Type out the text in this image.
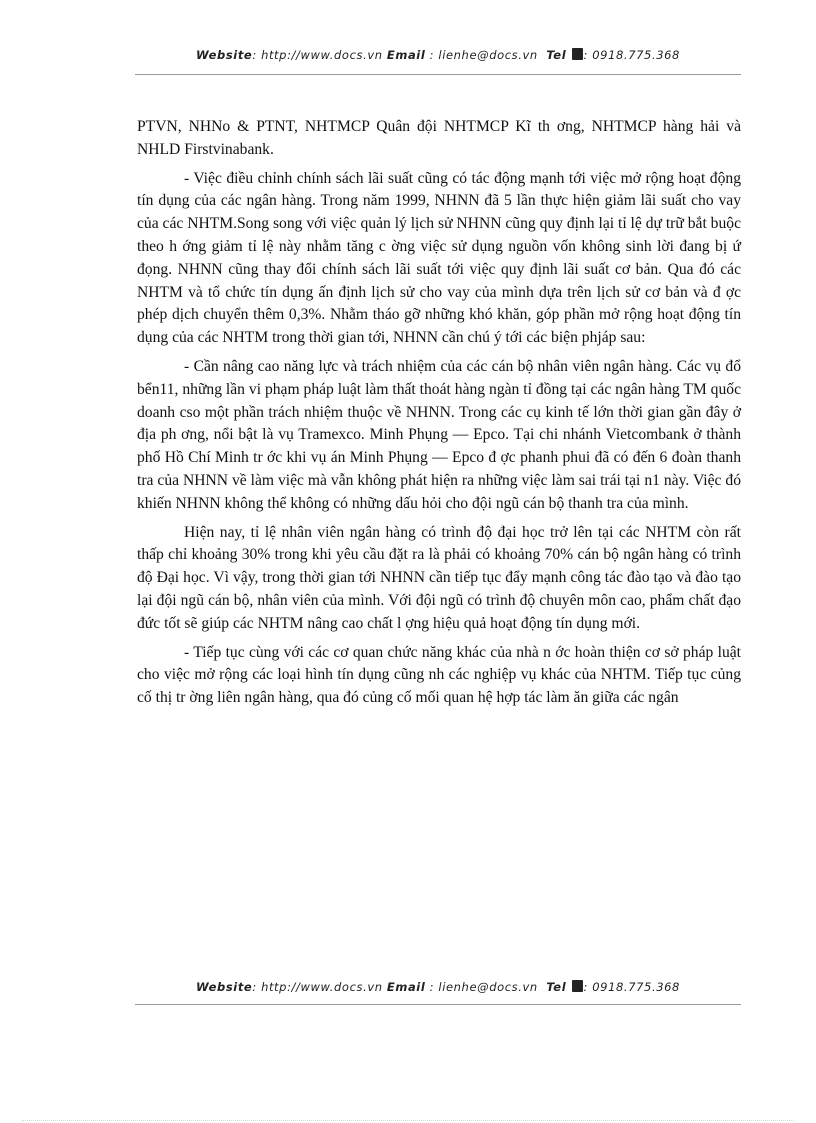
Website: http://www.docs.vn Email : lienhe@docs.vn Tel : 0918.775.368

PTVN, NHNo & PTNT, NHTMCP Quân đội NHTMCP Kĩ th ơng, NHTMCP hàng hải và NHLD Firstvinabank.

- Việc điều chỉnh chính sách lãi suất cũng có tác động mạnh tới việc mở rộng hoạt động tín dụng của các ngân hàng. Trong năm 1999, NHNN đã 5 lần thực hiện giảm lãi suất cho vay của các NHTM.Song song với việc quản lý lịch sử NHNN cũng quy định lại tỉ lệ dự trữ bắt buộc theo h ớng giảm tỉ lệ này nhằm tăng c ờng việc sử dụng nguồn vốn không sinh lời đang bị ứ đọng. NHNN cũng thay đổi chính sách lãi suất tới việc quy định lãi suất cơ bản. Qua đó các NHTM và tổ chức tín dụng ấn định lịch sử cho vay của mình dựa trên lịch sử cơ bản và đ ợc phép dịch chuyển thêm 0,3%. Nhằm tháo gỡ những khó khăn, góp phần mở rộng hoạt động tín dụng của các NHTM trong thời gian tới, NHNN cần chú ý tới các biện phjáp sau:

- Cần nâng cao năng lực và trách nhiệm của các cán bộ nhân viên ngân hàng. Các vụ đổ bển11, những lần vi phạm pháp luật làm thất thoát hàng ngàn tỉ đồng tại các ngân hàng TM quốc doanh cso một phần trách nhiệm thuộc về NHNN. Trong các cụ kinh tế lớn thời gian gần đây ở địa ph ơng, nổi bật là vụ Tramexco. Minh Phụng — Epco. Tại chi nhánh Vietcombank ở thành phố Hồ Chí Minh tr ớc khi vụ án Minh Phụng — Epco đ ợc phanh phui đã có đến 6 đoàn thanh tra của NHNN về làm việc mà vẫn không phát hiện ra những việc làm sai trái tại n1 này. Việc đó khiến NHNN không thể không có những dấu hỏi cho đội ngũ cán bộ thanh tra của mình.

Hiện nay, tỉ lệ nhân viên ngân hàng có trình độ đại học trở lên tại các NHTM còn rất thấp chỉ khoảng 30% trong khi yêu cầu đặt ra là phải có khoảng 70% cán bộ ngân hàng có trình độ Đại học. Vì vậy, trong thời gian tới NHNN cần tiếp tục đẩy mạnh công tác đào tạo và đào tạo lại đội ngũ cán bộ, nhân viên của mình. Với đội ngũ có trình độ chuyên môn cao, phẩm chất đạo đức tốt sẽ giúp các NHTM nâng cao chất l ợng hiệu quả hoạt động tín dụng mới.

- Tiếp tục cùng với các cơ quan chức năng khác của nhà n ớc hoàn thiện cơ sở pháp luật cho việc mở rộng các loại hình tín dụng cũng nh các nghiệp vụ khác của NHTM. Tiếp tục củng cố thị tr ờng liên ngân hàng, qua đó củng cố mối quan hệ hợp tác làm ăn giữa các ngân

Website: http://www.docs.vn Email : lienhe@docs.vn Tel : 0918.775.368
